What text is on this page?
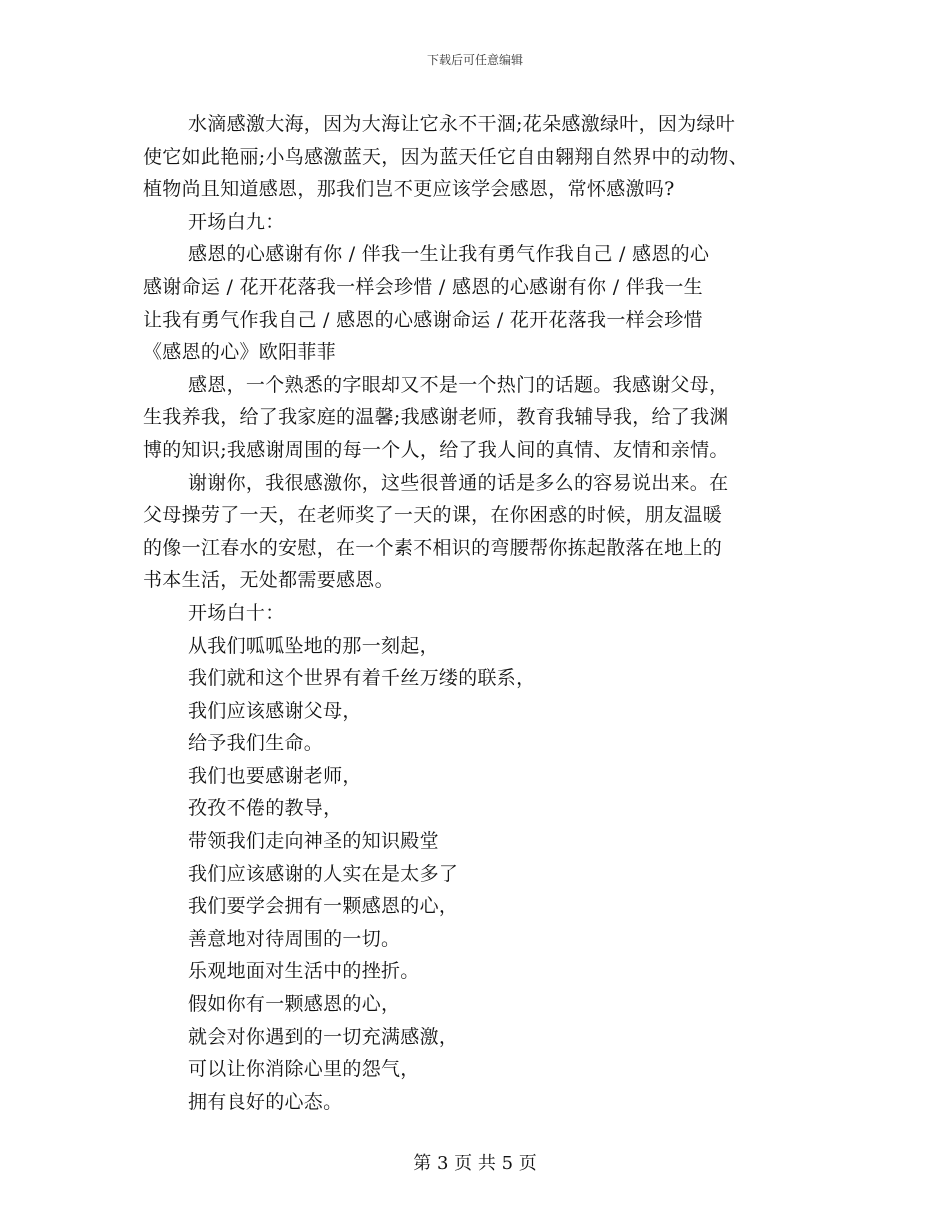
下载后可任意编辑
水滴感激大海，因为大海让它永不干涸;花朵感激绿叶，因为绿叶
使它如此艳丽;小鸟感激蓝天，因为蓝天任它自由翱翔自然界中的动物、
植物尚且知道感恩，那我们岂不更应该学会感恩，常怀感激吗?
开场白九：
感恩的心感谢有你 / 伴我一生让我有勇气作我自己 / 感恩的心
感谢命运 / 花开花落我一样会珍惜 / 感恩的心感谢有你 / 伴我一生
让我有勇气作我自己 / 感恩的心感谢命运 / 花开花落我一样会珍惜
《感恩的心》欧阳菲菲
感恩，一个熟悉的字眼却又不是一个热门的话题。我感谢父母，
生我养我，给了我家庭的温馨;我感谢老师，教育我辅导我，给了我渊
博的知识;我感谢周围的每一个人，给了我人间的真情、友情和亲情。
谢谢你，我很感激你，这些很普通的话是多么的容易说出来。在
父母操劳了一天，在老师奖了一天的课，在你困惑的时候，朋友温暖
的像一江春水的安慰，在一个素不相识的弯腰帮你拣起散落在地上的
书本生活，无处都需要感恩。
开场白十：
从我们呱呱坠地的那一刻起，
我们就和这个世界有着千丝万缕的联系，
我们应该感谢父母，
给予我们生命。
我们也要感谢老师，
孜孜不倦的教导，
带领我们走向神圣的知识殿堂
我们应该感谢的人实在是太多了
我们要学会拥有一颗感恩的心，
善意地对待周围的一切。
乐观地面对生活中的挫折。
假如你有一颗感恩的心，
就会对你遇到的一切充满感激，
可以让你消除心里的怨气，
拥有良好的心态。
第 3 页 共 5 页
